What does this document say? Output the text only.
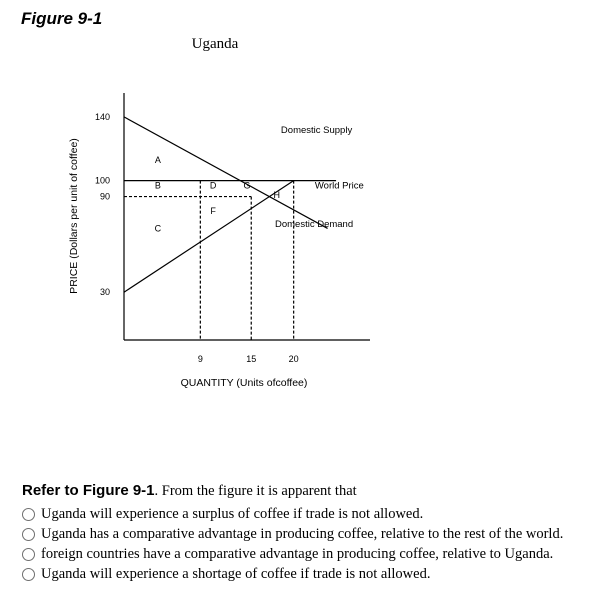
Figure 9-1

Uganda
PRICE (Dollars per unit of coffee)
QUANTITY (Units ofcoffee)
30
90
100
140
9	15	20
A
B
C
D
F
G
H
Domestic Supply
World Price
Domestic Demand

Refer to Figure 9-1. From the figure it is apparent that

Uganda will experience a surplus of coffee if trade is not allowed.
Uganda has a comparative advantage in producing coffee, relative to the rest of the world.
foreign countries have a comparative advantage in producing coffee, relative to Uganda.
Uganda will experience a shortage of coffee if trade is not allowed.
